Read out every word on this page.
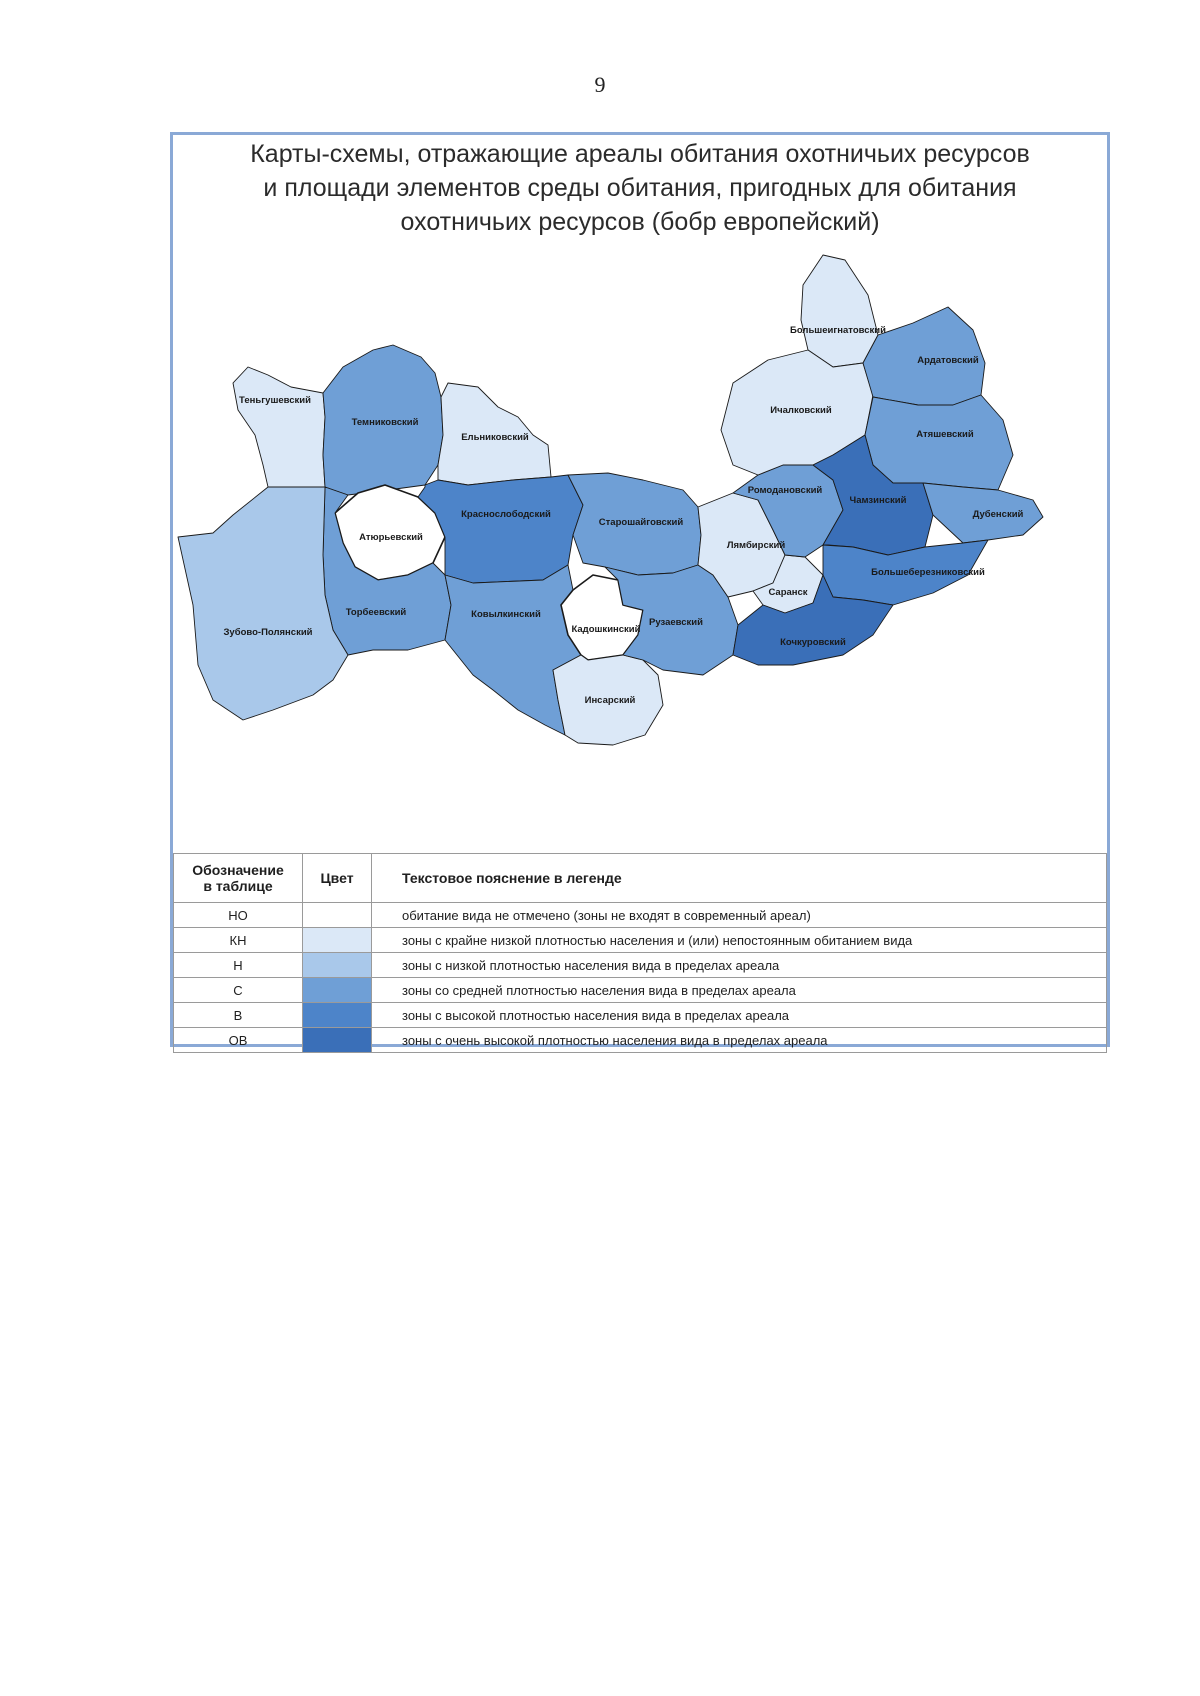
9
Карты-схемы, отражающие ареалы обитания охотничьих ресурсов
и площади элементов среды обитания, пригодных для обитания
охотничьих ресурсов (бобр европейский)
Теньгушевский
Темниковский
Ельниковский
Атюрьевский
Краснослободский
Старошайговский
Торбеевский	Ковылкинский
Зубово-Полянский	Кадошкинский
Инсарский
Рузаевский
Лямбирский
Саранск
Ромодановский
Большеигнатовский
Ичалковский
Ардатовский
Атяшевский
Чамзинский
Дубенский
Большеберезниковский
Кочкуровский
Обозначение
в таблице	Цвет	Текстовое пояснение в легенде
НО		обитание вида не отмечено (зоны не входят в современный ареал)
КН		зоны с крайне низкой плотностью населения и (или) непостоянным обитанием вида
Н		зоны с низкой плотностью населения вида в пределах ареала
С		зоны со средней плотностью населения вида в пределах ареала
В		зоны с высокой плотностью населения вида в пределах ареала
ОВ		зоны с очень высокой плотностью населения вида в пределах ареала
